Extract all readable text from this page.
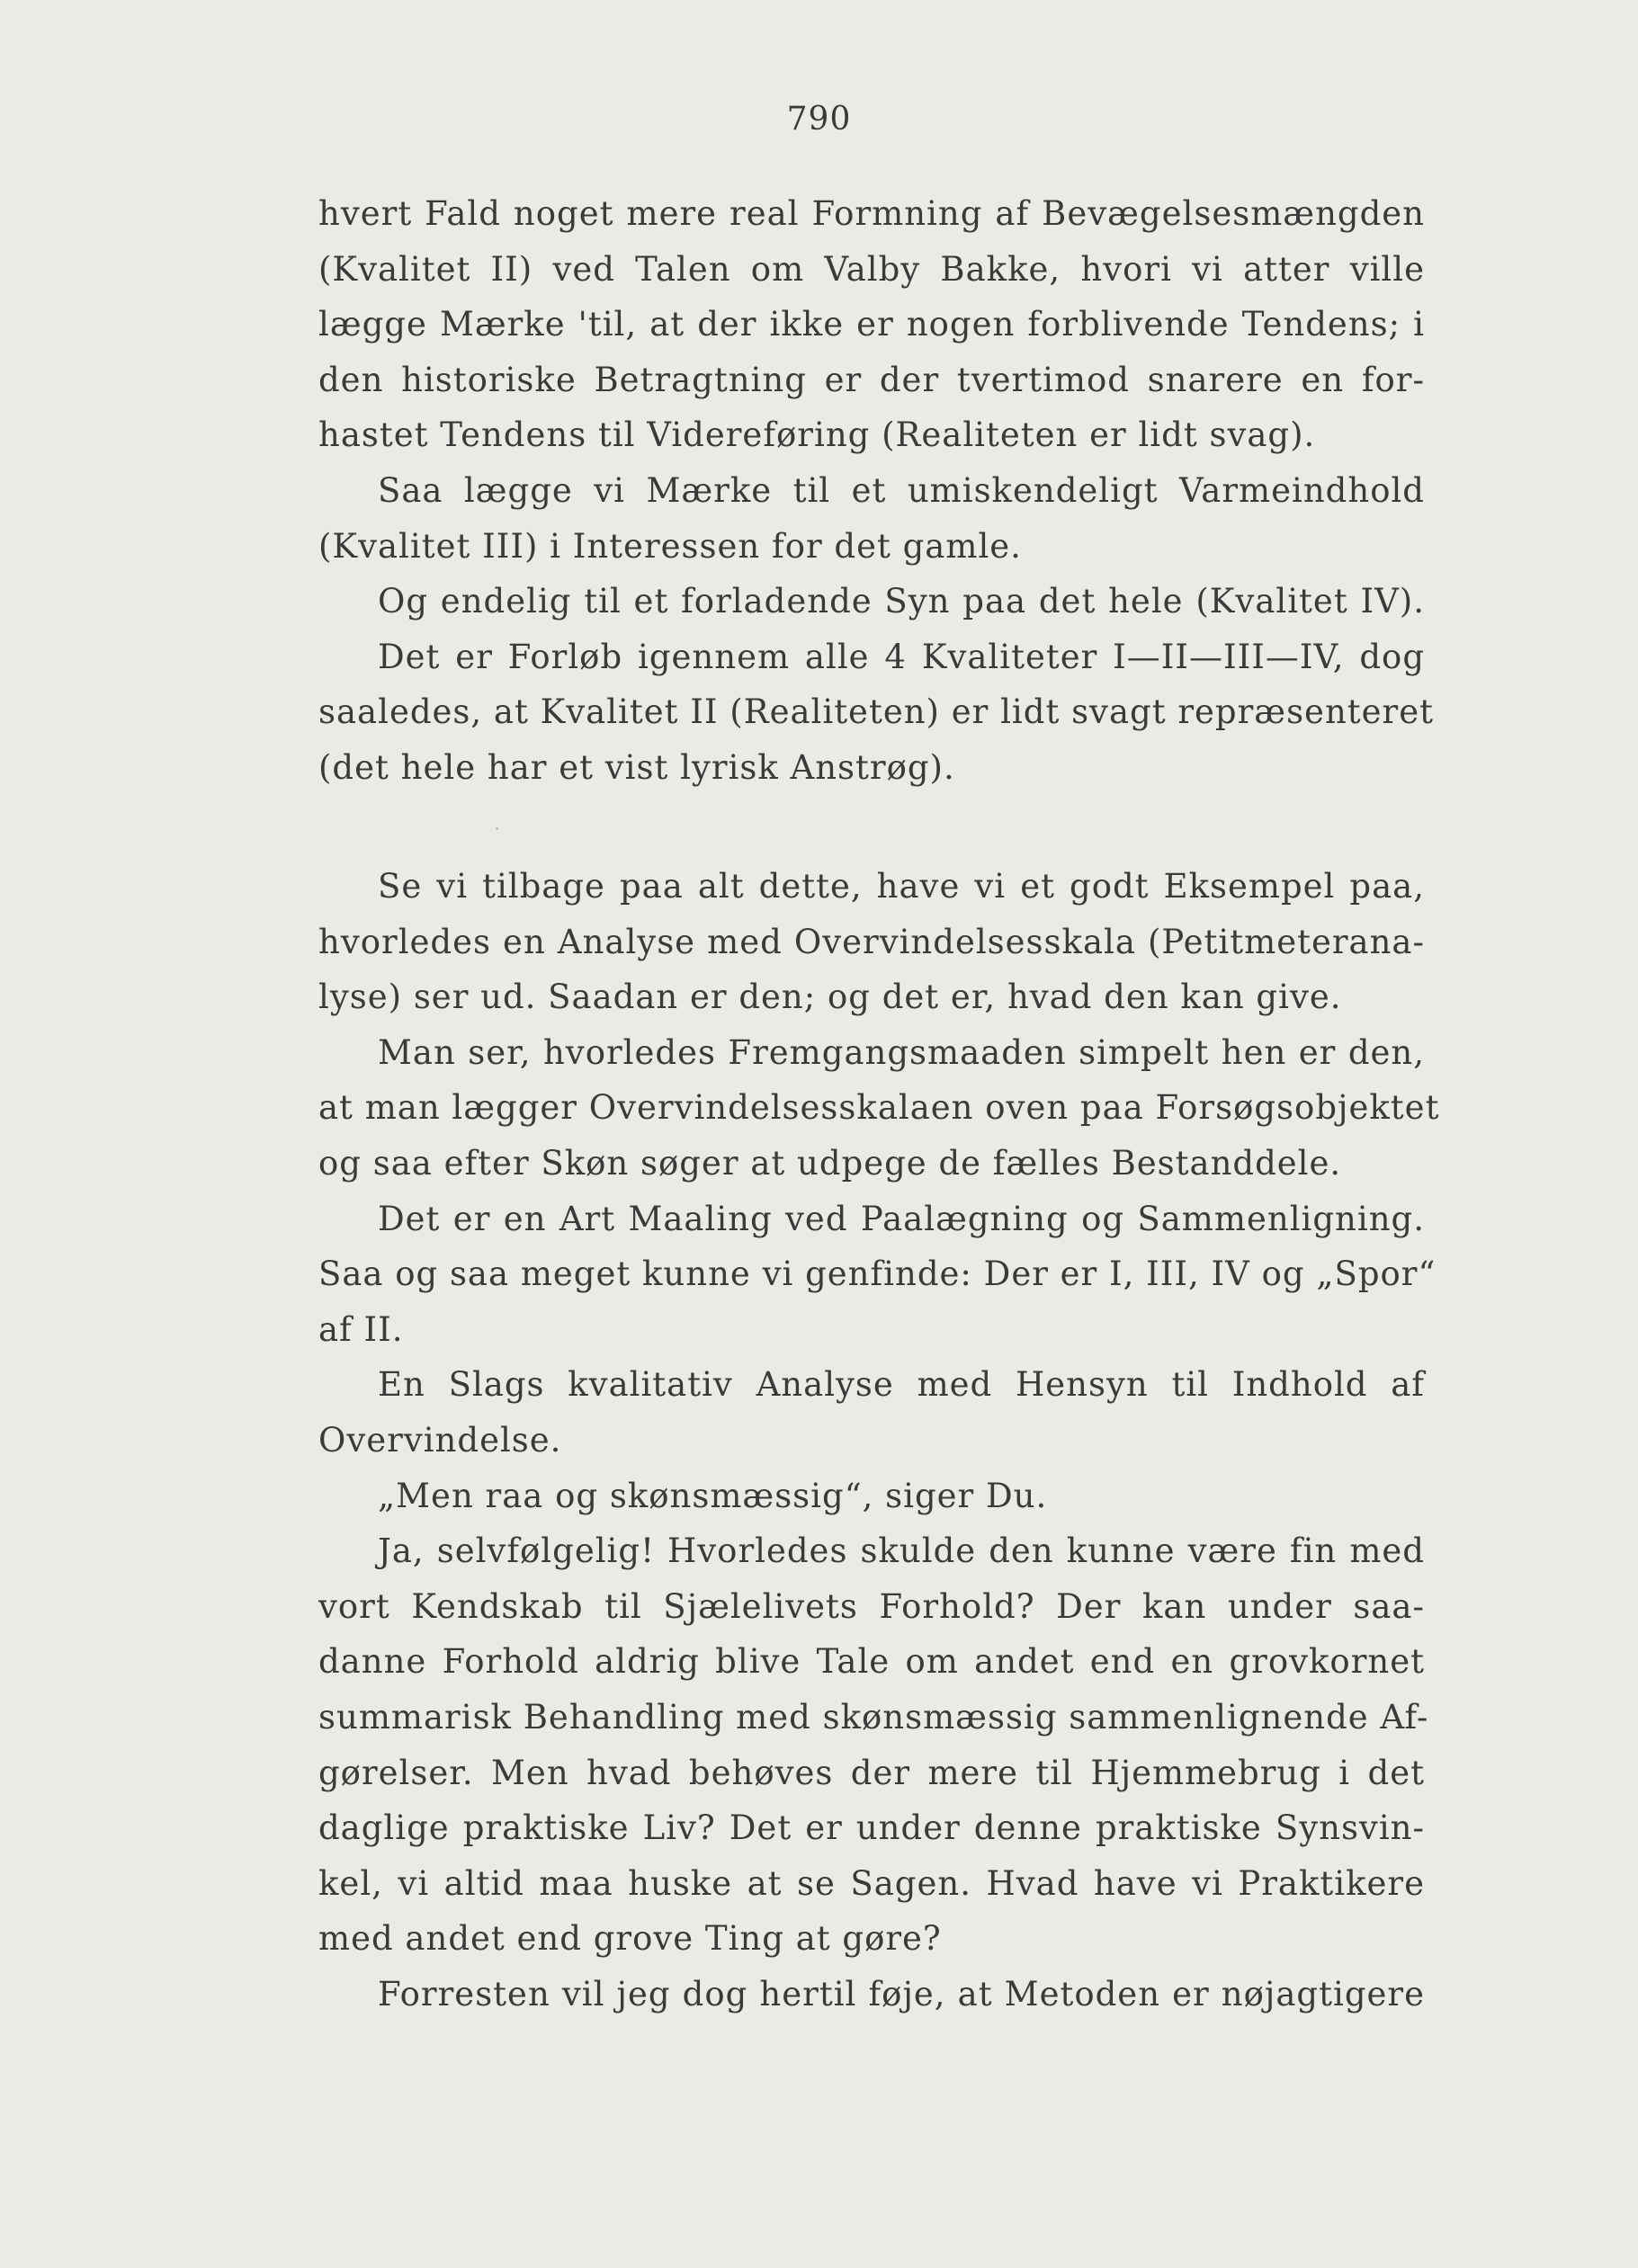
790
hvert Fald noget mere real Formning af Bevægelsesmængden
(Kvalitet II) ved Talen om Valby Bakke, hvori vi atter ville
lægge Mærke 'til, at der ikke er nogen forblivende Tendens; i
den historiske Betragtning er der tvertimod snarere en for-
hastet Tendens til Videreføring (Realiteten er lidt svag).
Saa lægge vi Mærke til et umiskendeligt Varmeindhold
(Kvalitet III) i Interessen for det gamle.
Og endelig til et forladende Syn paa det hele (Kvalitet IV).
Det er Forløb igennem alle 4 Kvaliteter I—II—III—IV, dog
saaledes, at Kvalitet II (Realiteten) er lidt svagt repræsenteret
(det hele har et vist lyrisk Anstrøg).
Se vi tilbage paa alt dette, have vi et godt Eksempel paa,
hvorledes en Analyse med Overvindelsesskala (Petitmeterana-
lyse) ser ud. Saadan er den; og det er, hvad den kan give.
Man ser, hvorledes Fremgangsmaaden simpelt hen er den,
at man lægger Overvindelsesskalaen oven paa Forsøgsobjektet
og saa efter Skøn søger at udpege de fælles Bestanddele.
Det er en Art Maaling ved Paalægning og Sammenligning.
Saa og saa meget kunne vi genfinde: Der er I, III, IV og „Spor“
af II.
En Slags kvalitativ Analyse med Hensyn til Indhold af
Overvindelse.
„Men raa og skønsmæssig“, siger Du.
Ja, selvfølgelig! Hvorledes skulde den kunne være fin med
vort Kendskab til Sjælelivets Forhold? Der kan under saa-
danne Forhold aldrig blive Tale om andet end en grovkornet
summarisk Behandling med skønsmæssig sammenlignende Af-
gørelser. Men hvad behøves der mere til Hjemmebrug i det
daglige praktiske Liv? Det er under denne praktiske Synsvin-
kel, vi altid maa huske at se Sagen. Hvad have vi Praktikere
med andet end grove Ting at gøre?
Forresten vil jeg dog hertil føje, at Metoden er nøjagtigere
